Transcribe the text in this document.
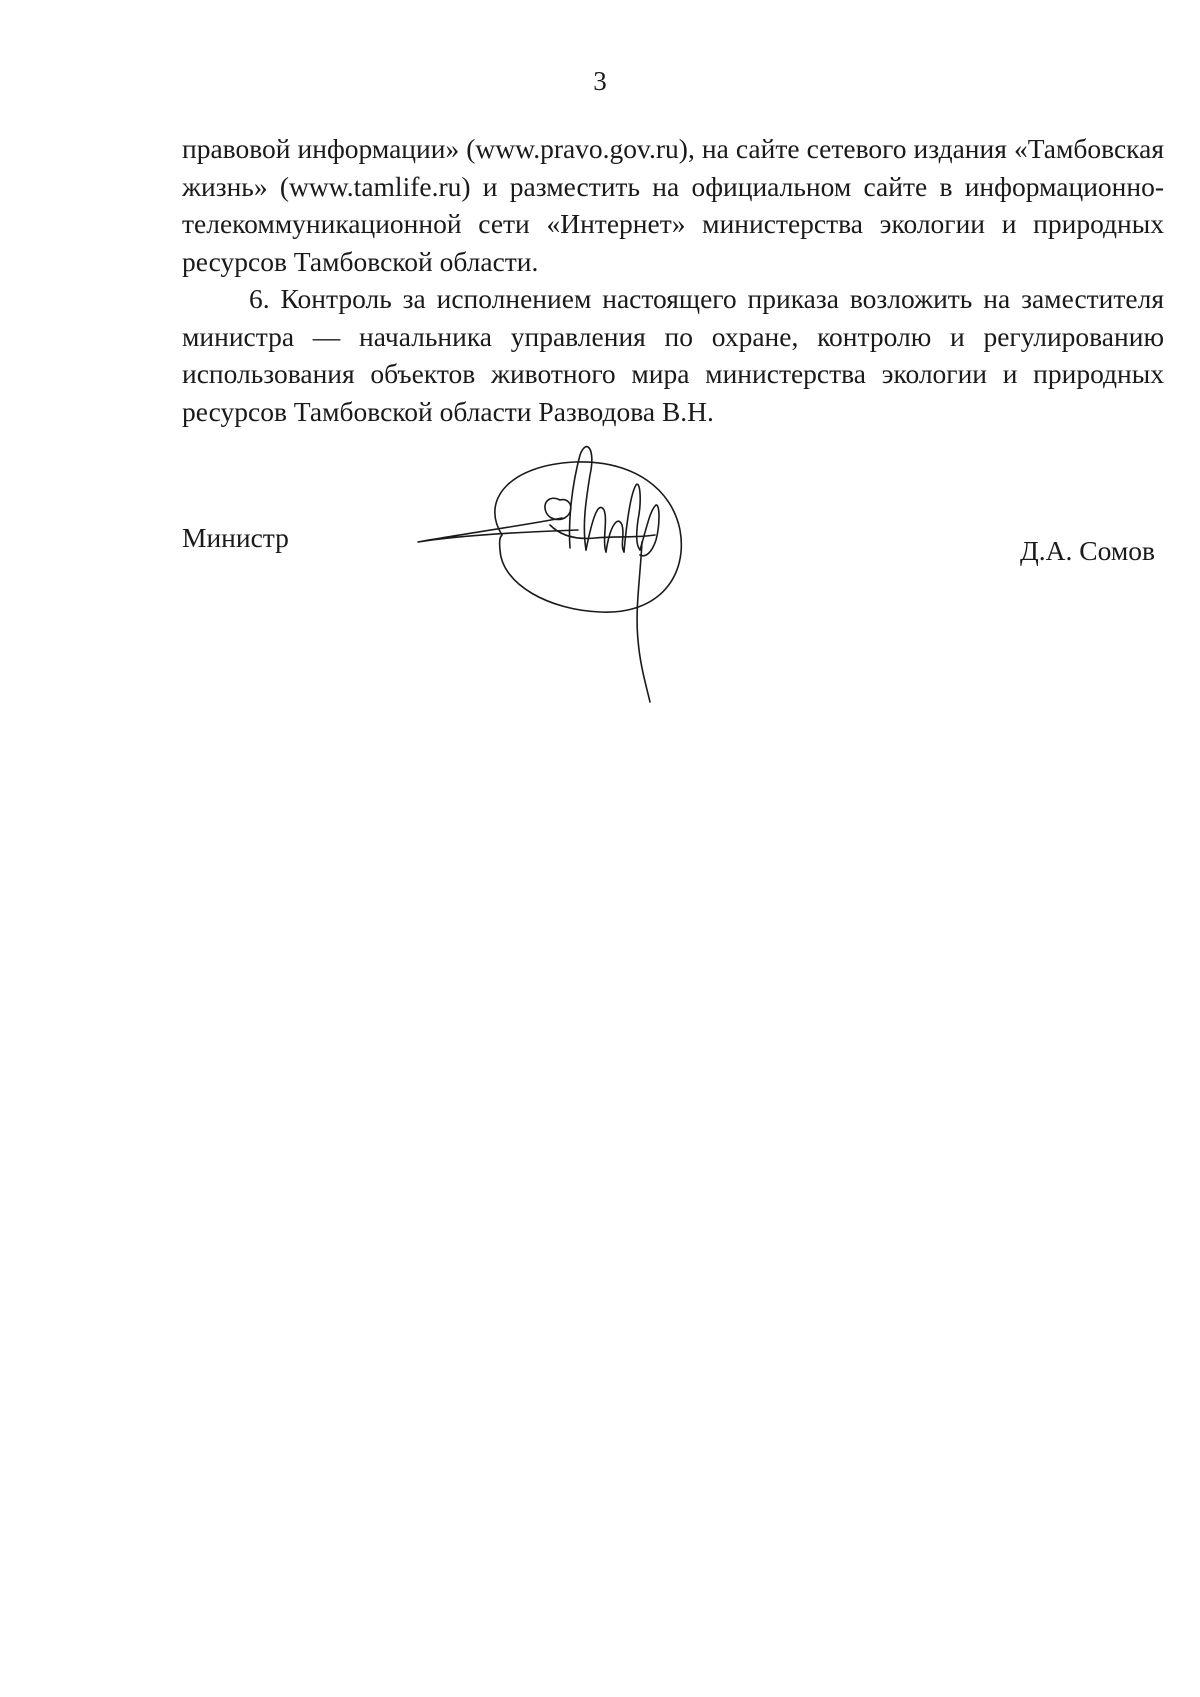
3

правовой информации» (www.pravo.gov.ru), на сайте сетевого издания «Тамбовская жизнь» (www.tamlife.ru) и разместить на официальном сайте в информационно-телекоммуникационной сети «Интернет» министерства экологии и природных ресурсов Тамбовской области.

6. Контроль за исполнением настоящего приказа возложить на заместителя министра — начальника управления по охране, контролю и регулированию использования объектов животного мира министерства экологии и природных ресурсов Тамбовской области Разводова В.Н.

Министр	Д.А. Сомов
